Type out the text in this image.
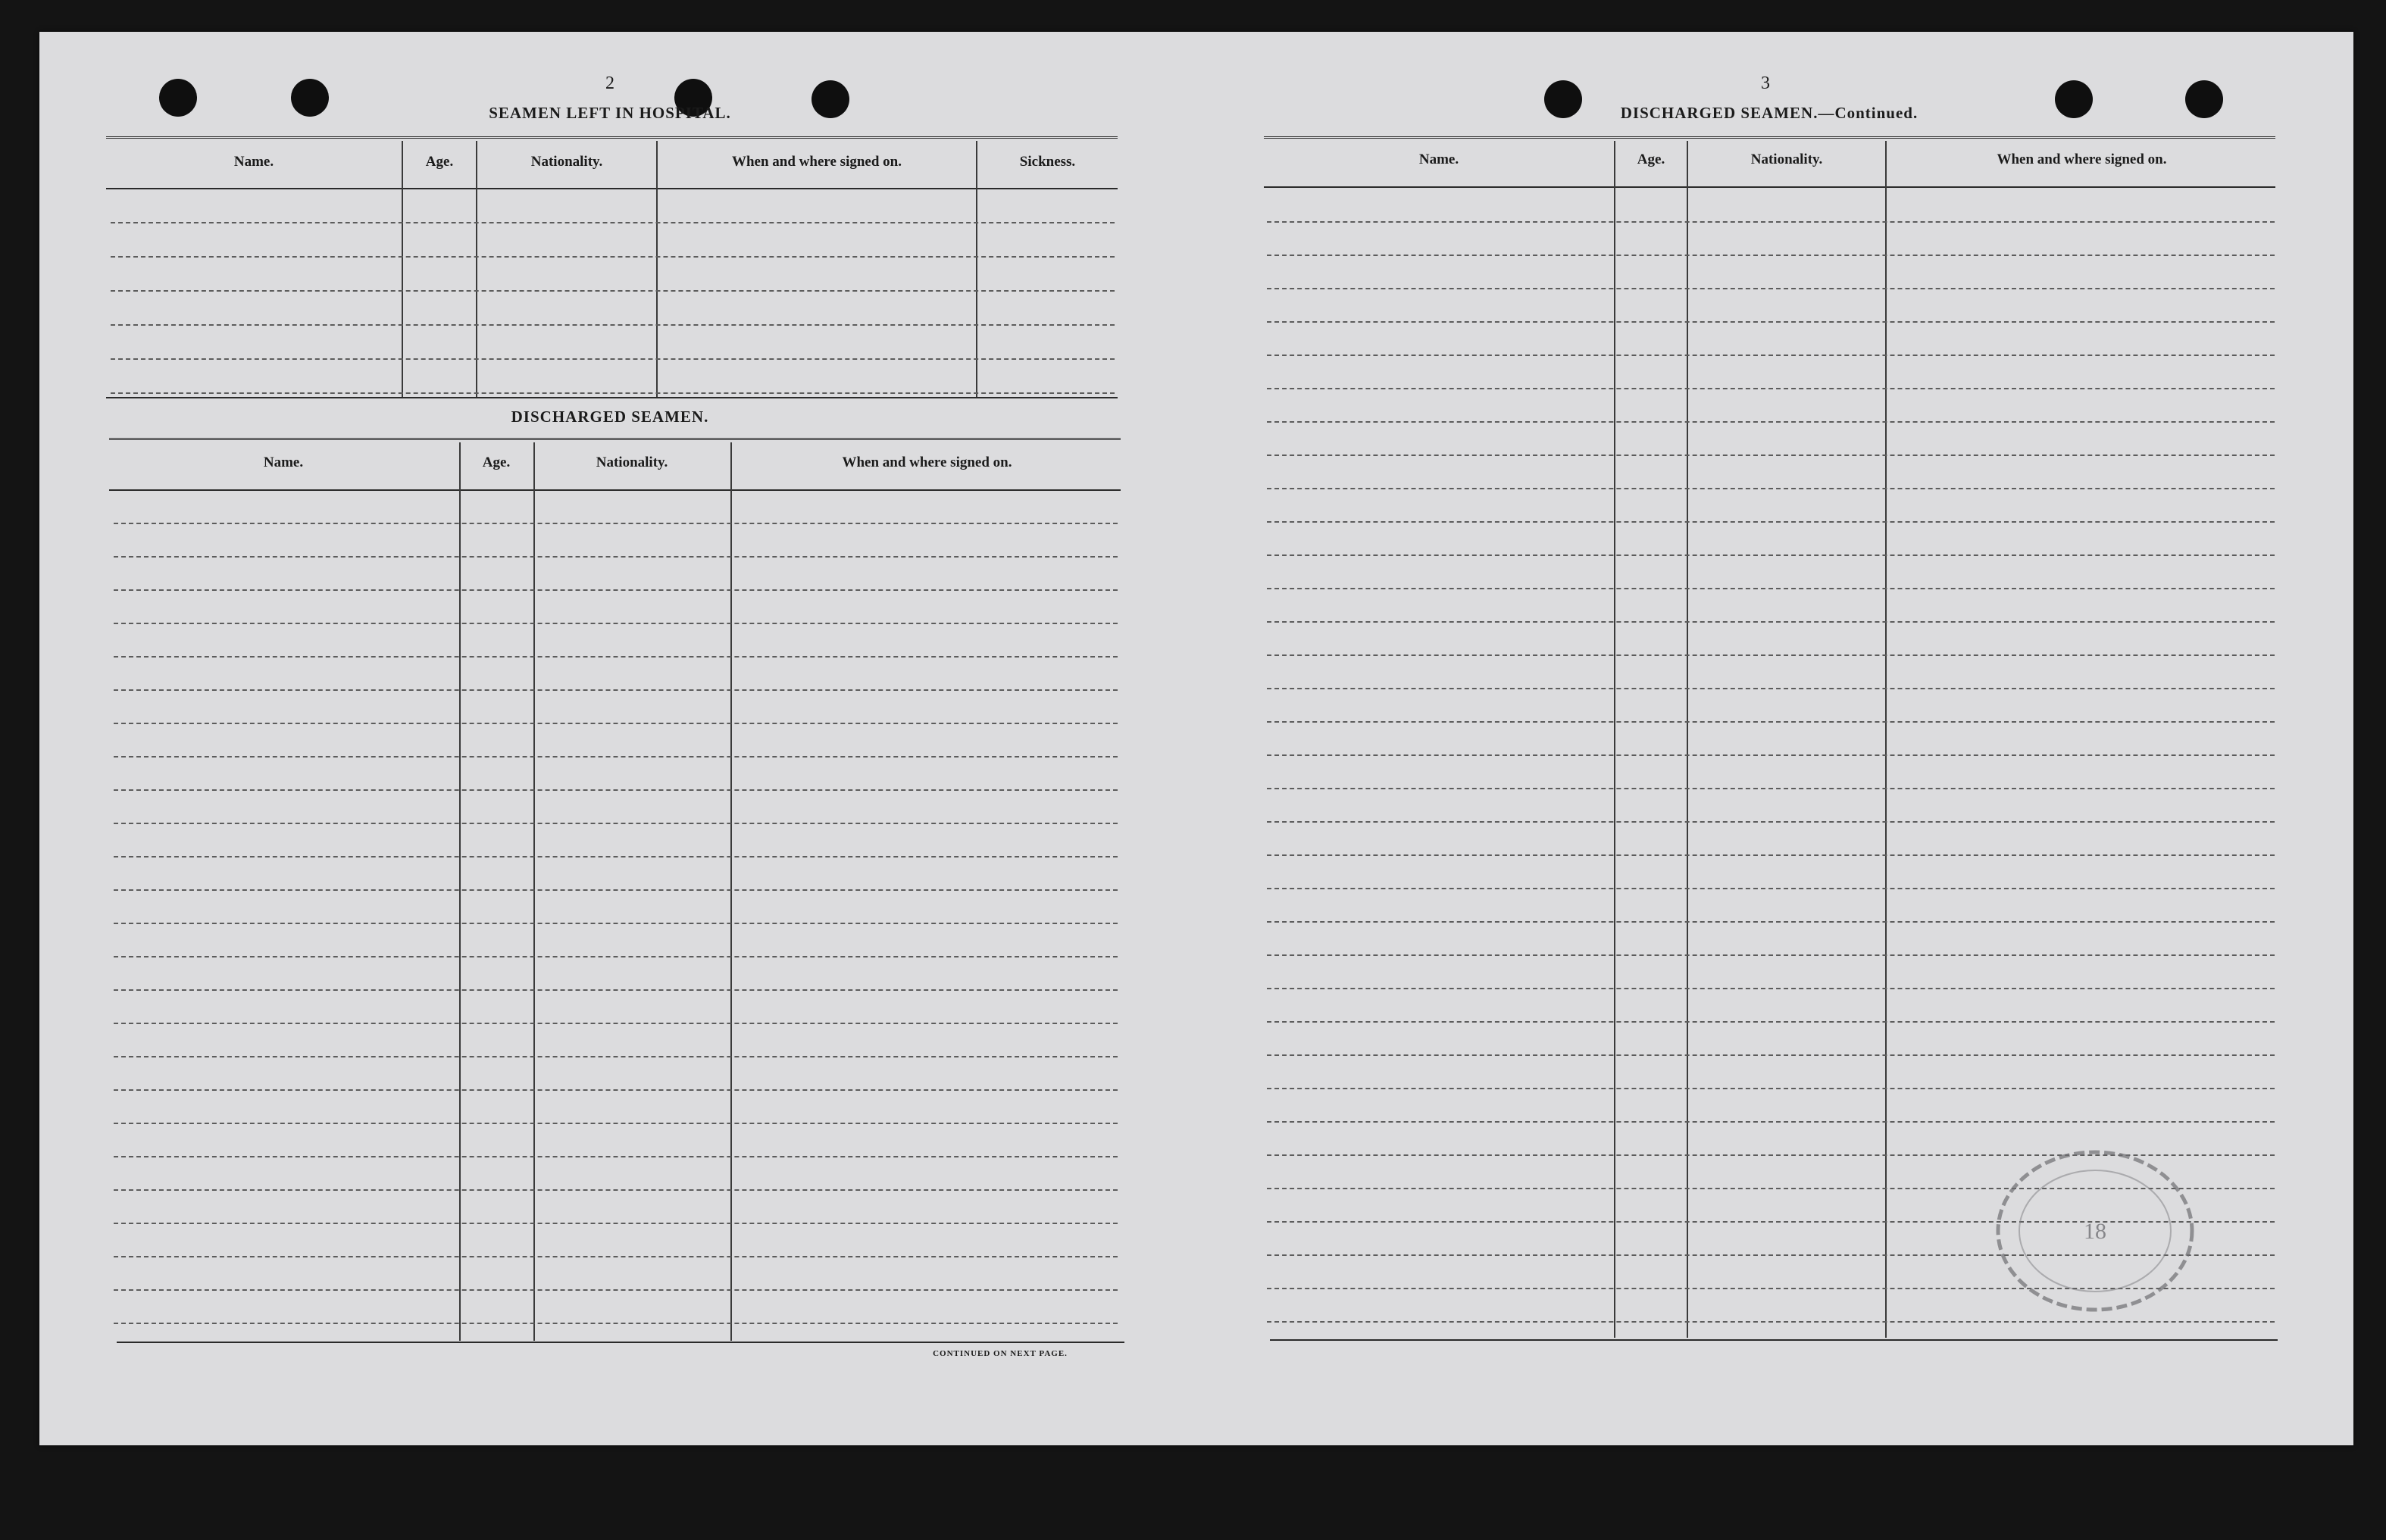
2
SEAMEN LEFT IN HOSPITAL.
Name.	Age.	Nationality.	When and where signed on.	Sickness.
DISCHARGED SEAMEN.
Name.	Age.	Nationality.	When and where signed on.
CONTINUED ON NEXT PAGE.
3
DISCHARGED SEAMEN.—Continued.
Name.	Age.	Nationality.	When and where signed on.
18
